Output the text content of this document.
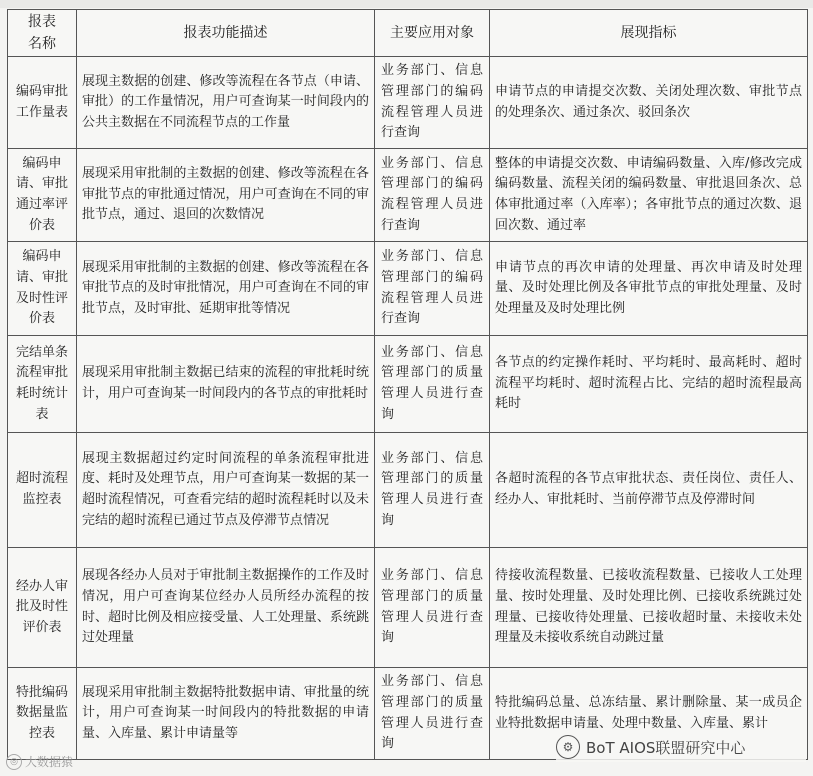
报表
名称	报表功能描述	主要应用对象	展现指标
编码审批
工作量表	展现主数据的创建、修改等流程在各节点（申请、审批）的工作量情况，用户可查询某一时间段内的公共主数据在不同流程节点的工作量	业务部门、信息管理部门的编码流程管理人员进行查询	申请节点的申请提交次数、关闭处理次数、审批节点的处理条次、通过条次、驳回条次
编码申
请、审批
通过率评
价表	展现采用审批制的主数据的创建、修改等流程在各审批节点的审批通过情况，用户可查询在不同的审批节点，通过、退回的次数情况	业务部门、信息管理部门的编码流程管理人员进行查询	整体的申请提交次数、申请编码数量、入库/修改完成编码数量、流程关闭的编码数量、审批退回条次、总体审批通过率（入库率）；各审批节点的通过次数、退回次数、通过率
编码申
请、审批
及时性评
价表	展现采用审批制的主数据的创建、修改等流程在各审批节点的及时审批情况，用户可查询在不同的审批节点，及时审批、延期审批等情况	业务部门、信息管理部门的编码流程管理人员进行查询	申请节点的再次申请的处理量、再次申请及时处理量、及时处理比例及各审批节点的审批处理量、及时处理量及及时处理比例
完结单条
流程审批
耗时统计
表	展现采用审批制主数据已结束的流程的审批耗时统计，用户可查询某一时间段内的各节点的审批耗时	业务部门、信息管理部门的质量管理人员进行查询	各节点的约定操作耗时、平均耗时、最高耗时、超时流程平均耗时、超时流程占比、完结的超时流程最高耗时
超时流程
监控表	展现主数据超过约定时间流程的单条流程审批进度、耗时及处理节点，用户可查询某一数据的某一超时流程情况，可查看完结的超时流程耗时以及未完结的超时流程已通过节点及停滞节点情况	业务部门、信息管理部门的质量管理人员进行查询	各超时流程的各节点审批状态、责任岗位、责任人、经办人、审批耗时、当前停滞节点及停滞时间
经办人审
批及时性
评价表	展现各经办人员对于审批制主数据操作的工作及时情况，用户可查询某位经办人员所经办流程的按时、超时比例及相应接受量、人工处理量、系统跳过处理量	业务部门、信息管理部门的质量管理人员进行查询	待接收流程数量、已接收流程数量、已接收人工处理量、按时处理量、及时处理比例、已接收系统跳过处理量、已接收待处理量、已接收超时量、未接收未处理量及未接收系统自动跳过量
特批编码
数据量监
控表	展现采用审批制主数据特批数据申请、审批量的统计，用户可查询某一时间段内的特批数据的申请量、入库量、累计申请量等	业务部门、信息管理部门的质量管理人员进行查询	特批编码总量、总冻结量、累计删除量、某一成员企业特批数据申请量、处理中数量、入库量、累计
⚙ BoT AIOS联盟研究中心
◎ 大数据猿
